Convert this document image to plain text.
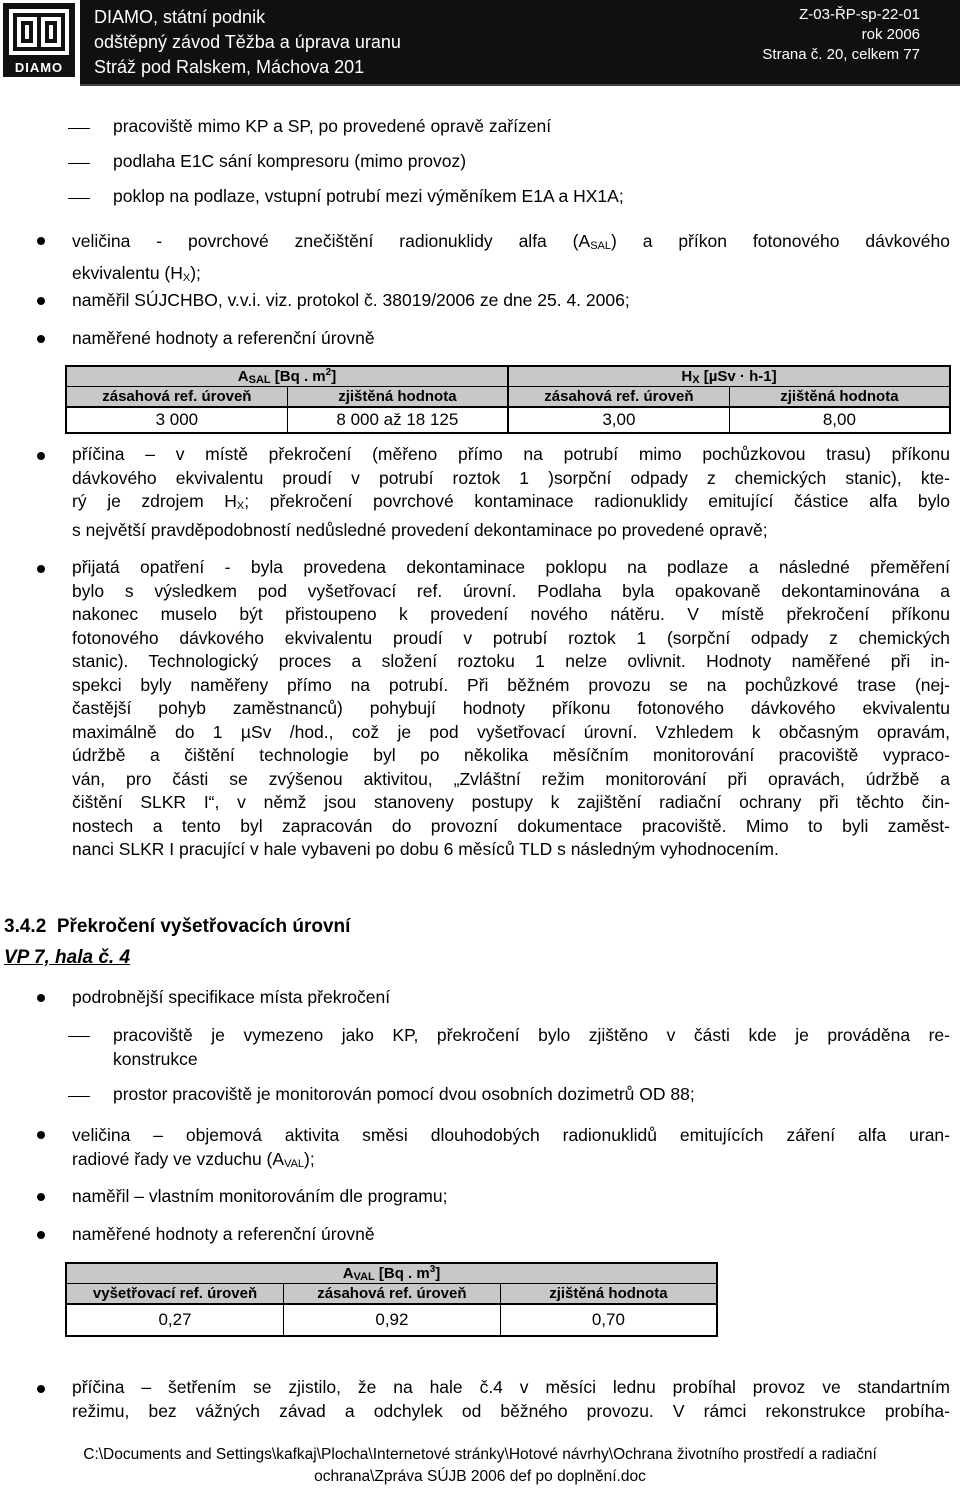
DIAMO
DIAMO, státní podnik
odštěpný závod Těžba a úprava uranu
Stráž pod Ralskem, Máchova 201
Z-03-ŘP-sp-22-01
rok 2006
Strana č. 20, celkem 77
pracoviště mimo KP a SP, po provedené opravě zařízení
podlaha E1C sání kompresoru (mimo provoz)
poklop na podlaze, vstupní potrubí mezi výměníkem E1A a HX1A;
veličina - povrchové znečištění radionuklidy alfa (ASAL) a příkon fotonového dávkového
ekvivalentu (HX);
naměřil SÚJCHBO, v.v.i. viz. protokol č. 38019/2006 ze dne 25. 4. 2006;
naměřené hodnoty a referenční úrovně
ASAL [Bq . $m^2$]		HX [µSv · h-1]	
zásahová ref. úroveň	zjištěná hodnota	zásahová ref. úroveň	zjištěná hodnota
3 000	8 000 až 18 125	3,00	8,00
příčina – v místě překročení (měřeno přímo na potrubí mimo pochůzkovou trasu) příkonu
dávkového ekvivalentu proudí v potrubí roztok 1 )sorpční odpady z chemických stanic), kte-
rý je zdrojem HX; překročení povrchové kontaminace radionuklidy emitující částice alfa bylo
s největší pravděpodobností nedůsledné provedení dekontaminace po provedené opravě;
přijatá opatření - byla provedena dekontaminace poklopu na podlaze a následné přeměření
bylo s výsledkem pod vyšetřovací ref. úrovní. Podlaha byla opakovaně dekontaminována a
nakonec muselo být přistoupeno k provedení nového nátěru. V místě překročení příkonu
fotonového dávkového ekvivalentu proudí v potrubí roztok 1 (sorpční odpady z chemických
stanic). Technologický proces a složení roztoku 1 nelze ovlivnit. Hodnoty naměřené při in-
spekci byly naměřeny přímo na potrubí. Při běžném provozu se na pochůzkové trase (nej-
častější pohyb zaměstnanců) pohybují hodnoty příkonu fotonového dávkového ekvivalentu
maximálně do 1 µSv /hod., což je pod vyšetřovací úrovní. Vzhledem k občasným opravám,
údržbě a čištění technologie byl po několika měsíčním monitorování pracoviště vypraco-
ván, pro části se zvýšenou aktivitou, „Zvláštní režim monitorování při opravách, údržbě a
čištění SLKR I“, v němž jsou stanoveny postupy k zajištění radiační ochrany při těchto čin-
nostech a tento byl zapracován do provozní dokumentace pracoviště. Mimo to byli zaměst-
nanci SLKR I pracující v hale vybaveni po dobu 6 měsíců TLD s následným vyhodnocením.
3.4.2 Překročení vyšetřovacích úrovní
VP 7, hala č. 4
podrobnější specifikace místa překročení
pracoviště je vymezeno jako KP, překročení bylo zjištěno v části kde je prováděna re-
konstrukce
prostor pracoviště je monitorován pomocí dvou osobních dozimetrů OD 88;
veličina – objemová aktivita směsi dlouhodobých radionuklidů emitujících záření alfa uran-
radiové řady ve vzduchu (AVAL);
naměřil – vlastním monitorováním dle programu;
naměřené hodnoty a referenční úrovně
AVAL [Bq . $m^3$]		
vyšetřovací ref. úroveň	zásahová ref. úroveň	zjištěná hodnota
0,27	0,92	0,70
příčina – šetřením se zjistilo, že na hale č.4 v měsíci lednu probíhal provoz ve standartním
režimu, bez vážných závad a odchylek od běžného provozu. V rámci rekonstrukce probíha-
C:\Documents and Settings\kafkaj\Plocha\Internetové stránky\Hotové návrhy\Ochrana životního prostředí a radiační
ochrana\Zpráva SÚJB 2006 def po doplnění.doc
